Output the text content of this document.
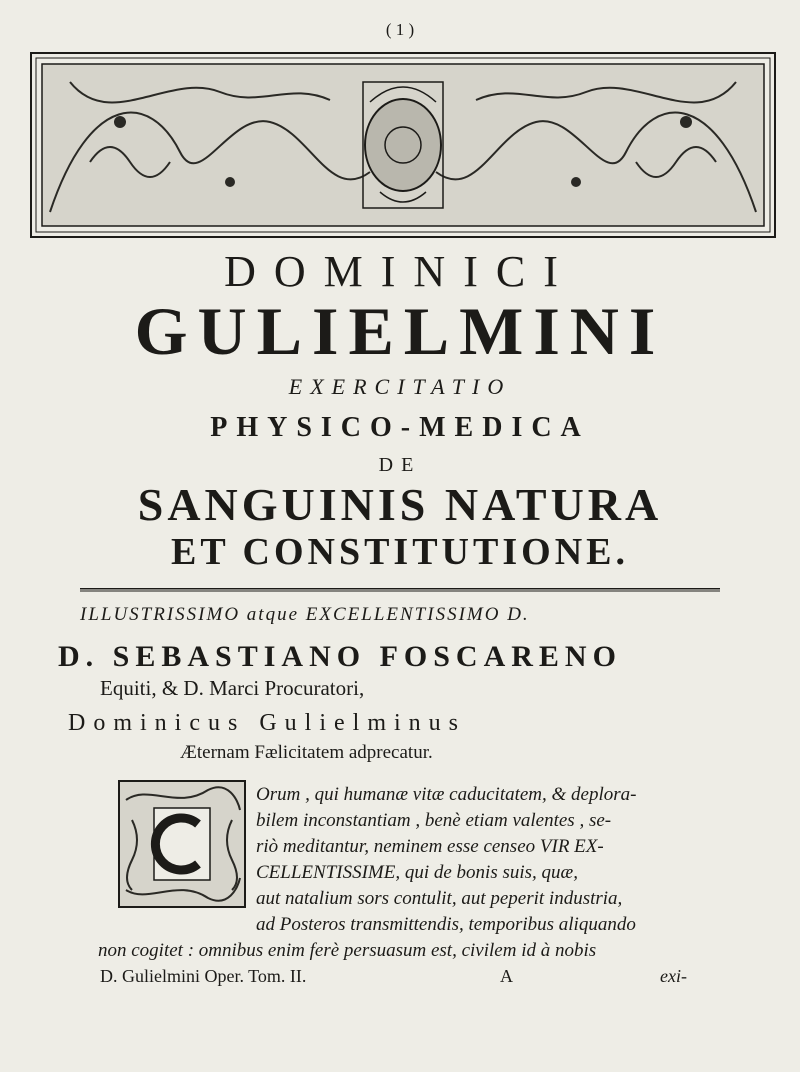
( 1 )
DOMINICI
GULIELMINI
EXERCITATIO
PHYSICO-MEDICA
DE
SANGUINIS NATURA
ET CONSTITUTIONE.
ILLUSTRISSIMO atque EXCELLENTISSIMO D.
D. SEBASTIANO FOSCARENO
Equiti, & D. Marci Procuratori,
Dominicus Gulielminus
Æternam Fælicitatem adprecatur.
Orum , qui humanæ vitæ caducitatem, & deplora-
bilem inconstantiam , benè etiam valentes , se-
riò meditantur, neminem esse censeo VIR EX-
CELLENTISSIME, qui de bonis suis, quæ,
aut natalium sors contulit, aut peperit industria,
ad Posteros transmittendis, temporibus aliquando
non cogitet : omnibus enim ferè persuasum est, civilem id à nobis
D. Gulielmini Oper. Tom. II.	A	exi-
